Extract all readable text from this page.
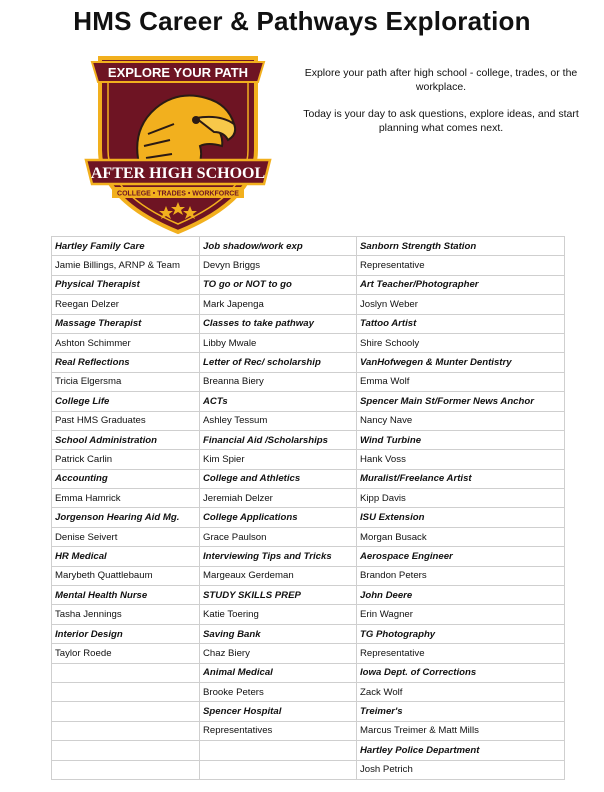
HMS Career & Pathways Exploration
EXPLORE YOUR PATH
AFTER HIGH SCHOOL
COLLEGE • TRADES • WORKFORCE

Explore your path after high school - college, trades, or the workplace.

Today is your day to ask questions, explore ideas, and start planning what comes next.

Hartley Family Care	Job shadow/work exp	Sanborn Strength Station
Jamie Billings, ARNP & Team	Devyn Briggs	Representative
Physical Therapist	TO go or NOT to go	Art Teacher/Photographer
Reegan Delzer	Mark Japenga	Joslyn Weber
Massage Therapist	Classes to take pathway	Tattoo Artist
Ashton Schimmer	Libby Mwale	Shire Schooly
Real Reflections	Letter of Rec/ scholarship	VanHofwegen & Munter Dentistry
Tricia Elgersma	Breanna Biery	Emma Wolf
College Life	ACTs	Spencer Main St/Former News Anchor
Past HMS Graduates	Ashley Tessum	Nancy Nave
School Administration	Financial Aid /Scholarships	Wind Turbine
Patrick Carlin	Kim Spier	Hank Voss
Accounting	College and Athletics	Muralist/Freelance Artist
Emma Hamrick	Jeremiah Delzer	Kipp Davis
Jorgenson Hearing Aid Mg.	College Applications	ISU Extension
Denise Seivert	Grace Paulson	Morgan Busack
HR Medical	Interviewing Tips and Tricks	Aerospace Engineer
Marybeth Quattlebaum	Margeaux Gerdeman	Brandon Peters
Mental Health Nurse	STUDY SKILLS PREP	John Deere
Tasha Jennings	Katie Toering	Erin Wagner
Interior Design	Saving Bank	TG Photography
Taylor Roede	Chaz Biery	Representative
	Animal Medical	Iowa Dept. of Corrections
	Brooke Peters	Zack Wolf
	Spencer Hospital	Treimer's
	Representatives	Marcus Treimer & Matt Mills
		Hartley Police Department
		Josh Petrich
